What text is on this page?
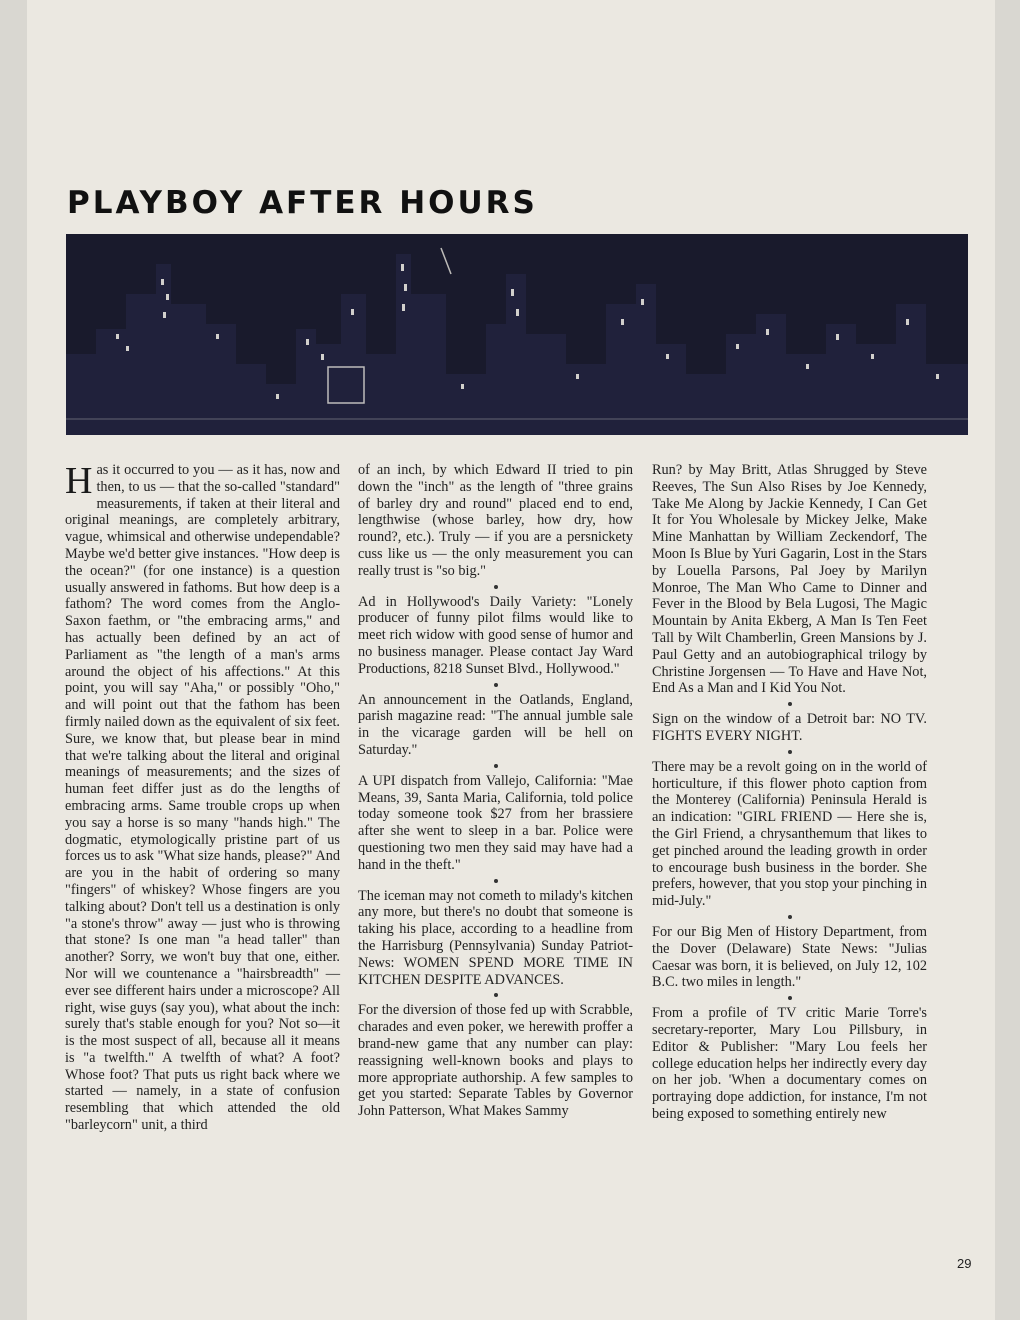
PLAYBOY AFTER HOURS

Has it occurred to you — as it has, now and then, to us — that the so-called "standard" measurements, if taken at their literal and original meanings, are completely arbitrary, vague, whimsical and otherwise undependable? Maybe we'd better give instances. "How deep is the ocean?" (for one instance) is a question usually answered in fathoms. But how deep is a fathom? The word comes from the Anglo-Saxon faethm, or "the embracing arms," and has actually been defined by an act of Parliament as "the length of a man's arms around the object of his affections." At this point, you will say "Aha," or possibly "Oho," and will point out that the fathom has been firmly nailed down as the equivalent of six feet. Sure, we know that, but please bear in mind that we're talking about the literal and original meanings of measurements; and the sizes of human feet differ just as do the lengths of embracing arms. Same trouble crops up when you say a horse is so many "hands high." The dogmatic, etymologically pristine part of us forces us to ask "What size hands, please?" And are you in the habit of ordering so many "fingers" of whiskey? Whose fingers are you talking about? Don't tell us a destination is only "a stone's throw" away — just who is throwing that stone? Is one man "a head taller" than another? Sorry, we won't buy that one, either. Nor will we countenance a "hairsbreadth" — ever see different hairs under a microscope? All right, wise guys (say you), what about the inch: surely that's stable enough for you? Not so—it is the most suspect of all, because all it means is "a twelfth." A twelfth of what? A foot? Whose foot? That puts us right back where we started — namely, in a state of confusion resembling that which attended the old "barleycorn" unit, a third

of an inch, by which Edward II tried to pin down the "inch" as the length of "three grains of barley dry and round" placed end to end, lengthwise (whose barley, how dry, how round?, etc.). Truly — if you are a persnickety cuss like us — the only measurement you can really trust is "so big."

Ad in Hollywood's Daily Variety: "Lonely producer of funny pilot films would like to meet rich widow with good sense of humor and no business manager. Please contact Jay Ward Productions, 8218 Sunset Blvd., Hollywood."

An announcement in the Oatlands, England, parish magazine read: "The annual jumble sale in the vicarage garden will be hell on Saturday."

A UPI dispatch from Vallejo, California: "Mae Means, 39, Santa Maria, California, told police today someone took $27 from her brassiere after she went to sleep in a bar. Police were questioning two men they said may have had a hand in the theft."

The iceman may not cometh to milady's kitchen any more, but there's no doubt that someone is taking his place, according to a headline from the Harrisburg (Pennsylvania) Sunday Patriot-News: WOMEN SPEND MORE TIME IN KITCHEN DESPITE ADVANCES.

For the diversion of those fed up with Scrabble, charades and even poker, we herewith proffer a brand-new game that any number can play: reassigning well-known books and plays to more appropriate authorship. A few samples to get you started: Separate Tables by Governor John Patterson, What Makes Sammy

Run? by May Britt, Atlas Shrugged by Steve Reeves, The Sun Also Rises by Joe Kennedy, Take Me Along by Jackie Kennedy, I Can Get It for You Wholesale by Mickey Jelke, Make Mine Manhattan by William Zeckendorf, The Moon Is Blue by Yuri Gagarin, Lost in the Stars by Louella Parsons, Pal Joey by Marilyn Monroe, The Man Who Came to Dinner and Fever in the Blood by Bela Lugosi, The Magic Mountain by Anita Ekberg, A Man Is Ten Feet Tall by Wilt Chamberlin, Green Mansions by J. Paul Getty and an autobiographical trilogy by Christine Jorgensen — To Have and Have Not, End As a Man and I Kid You Not.

Sign on the window of a Detroit bar: NO TV. FIGHTS EVERY NIGHT.

There may be a revolt going on in the world of horticulture, if this flower photo caption from the Monterey (California) Peninsula Herald is an indication: "GIRL FRIEND — Here she is, the Girl Friend, a chrysanthemum that likes to get pinched around the leading growth in order to encourage bush business in the border. She prefers, however, that you stop your pinching in mid-July."

For our Big Men of History Department, from the Dover (Delaware) State News: "Julias Caesar was born, it is believed, on July 12, 102 B.C. two miles in length."

From a profile of TV critic Marie Torre's secretary-reporter, Mary Lou Pillsbury, in Editor & Publisher: "Mary Lou feels her college education helps her indirectly every day on her job. 'When a documentary comes on portraying dope addiction, for instance, I'm not being exposed to something entirely new

29
